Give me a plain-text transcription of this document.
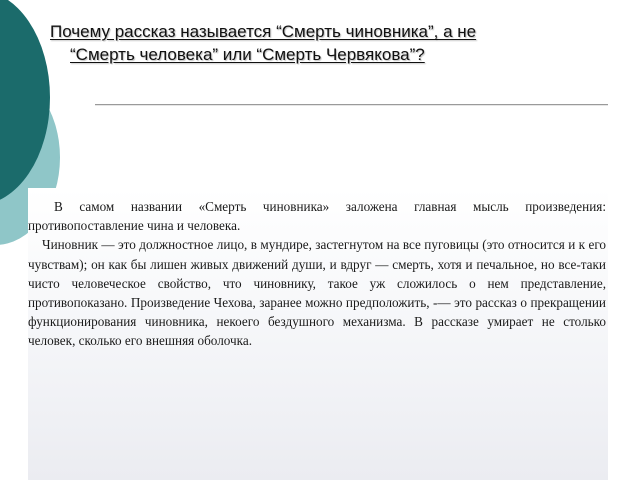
Почему рассказ называется “Смерть чиновника”, а не
“Смерть человека” или “Смерть Червякова”?

В самом названии «Смерть чиновника» заложена главная мысль произведения: противопоставление чина и человека.

Чиновник — это должностное лицо, в мундире, застегнутом на все пуговицы (это относится и к его чувствам); он как бы лишен живых движений души, и вдруг — смерть, хотя и печальное, но все-таки чисто человеческое свойство, что чиновнику, такое уж сложилось о нем представление, противопоказано. Произведение Чехова, заранее можно предположить, -— это рассказ о прекращении функционирования чиновника, некоего бездушного механизма. В рассказе умирает не столько человек, сколько его внешняя оболочка.
